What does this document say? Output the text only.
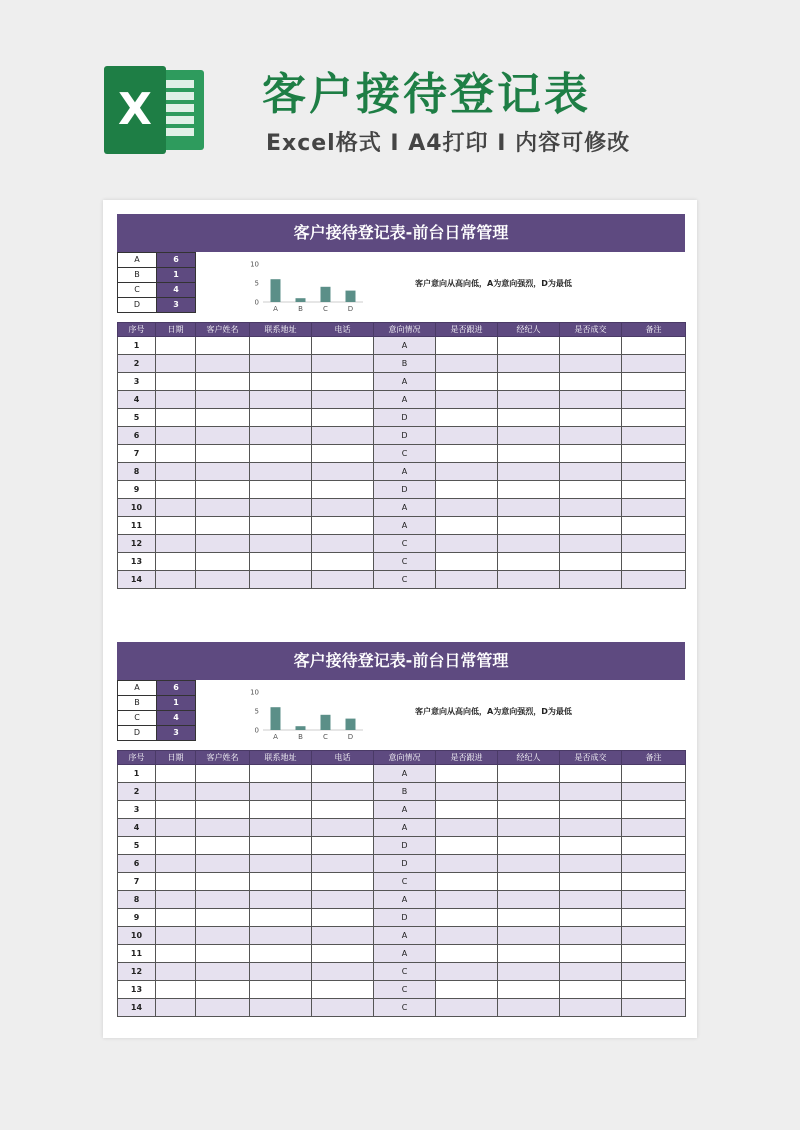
X	客户接待登记表
Excel格式 I A4打印 I 内容可修改
客户接待登记表-前台日常管理
A	6
B	1
C	4
D	3
10
5
0
A	B	C	D
客户意向从高向低，A为意向强烈，D为最低
序号	日期	客户姓名	联系地址	电话	意向情况	是否跟进	经纪人	是否成交	备注
1					A				
2					B				
3					A				
4					A				
5					D				
6					D				
7					C				
8					A				
9					D				
10					A				
11					A				
12					C				
13					C				
14					C				
客户接待登记表-前台日常管理
A	6
B	1
C	4
D	3
10
5
0
A	B	C	D
客户意向从高向低，A为意向强烈，D为最低
序号	日期	客户姓名	联系地址	电话	意向情况	是否跟进	经纪人	是否成交	备注
1					A				
2					B				
3					A				
4					A				
5					D				
6					D				
7					C				
8					A				
9					D				
10					A				
11					A				
12					C				
13					C				
14					C				
